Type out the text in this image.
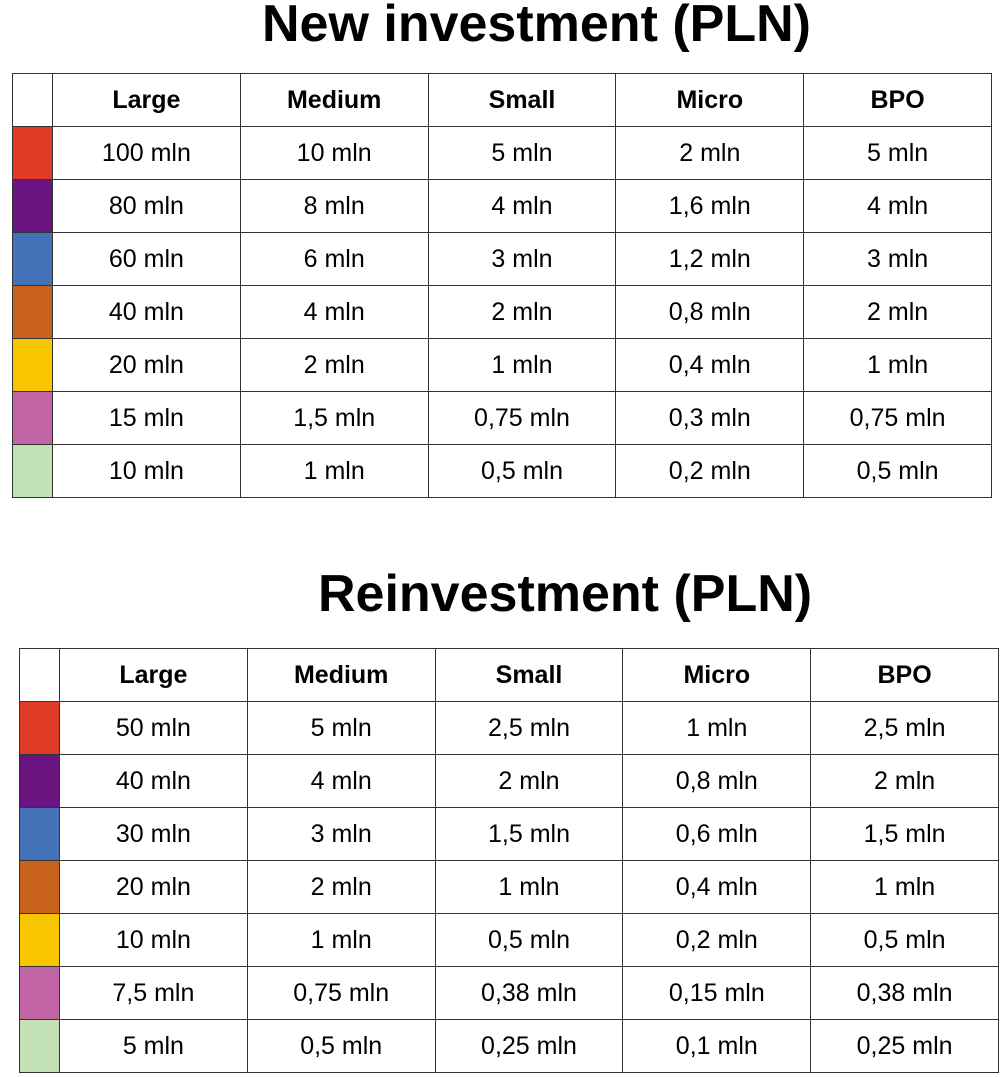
New investment (PLN)
	Large	Medium	Small	Micro	BPO
	100 mln	10 mln	5 mln	2 mln	5 mln
	80 mln	8 mln	4 mln	1,6 mln	4 mln
	60 mln	6 mln	3 mln	1,2 mln	3 mln
	40 mln	4 mln	2 mln	0,8 mln	2 mln
	20 mln	2 mln	1 mln	0,4 mln	1 mln
	15 mln	1,5 mln	0,75 mln	0,3 mln	0,75 mln
	10 mln	1 mln	0,5 mln	0,2 mln	0,5 mln
Reinvestment (PLN)
	Large	Medium	Small	Micro	BPO
	50 mln	5 mln	2,5 mln	1 mln	2,5 mln
	40 mln	4 mln	2 mln	0,8 mln	2 mln
	30 mln	3 mln	1,5 mln	0,6 mln	1,5 mln
	20 mln	2 mln	1 mln	0,4 mln	1 mln
	10 mln	1 mln	0,5 mln	0,2 mln	0,5 mln
	7,5 mln	0,75 mln	0,38 mln	0,15 mln	0,38 mln
	5 mln	0,5 mln	0,25 mln	0,1 mln	0,25 mln
